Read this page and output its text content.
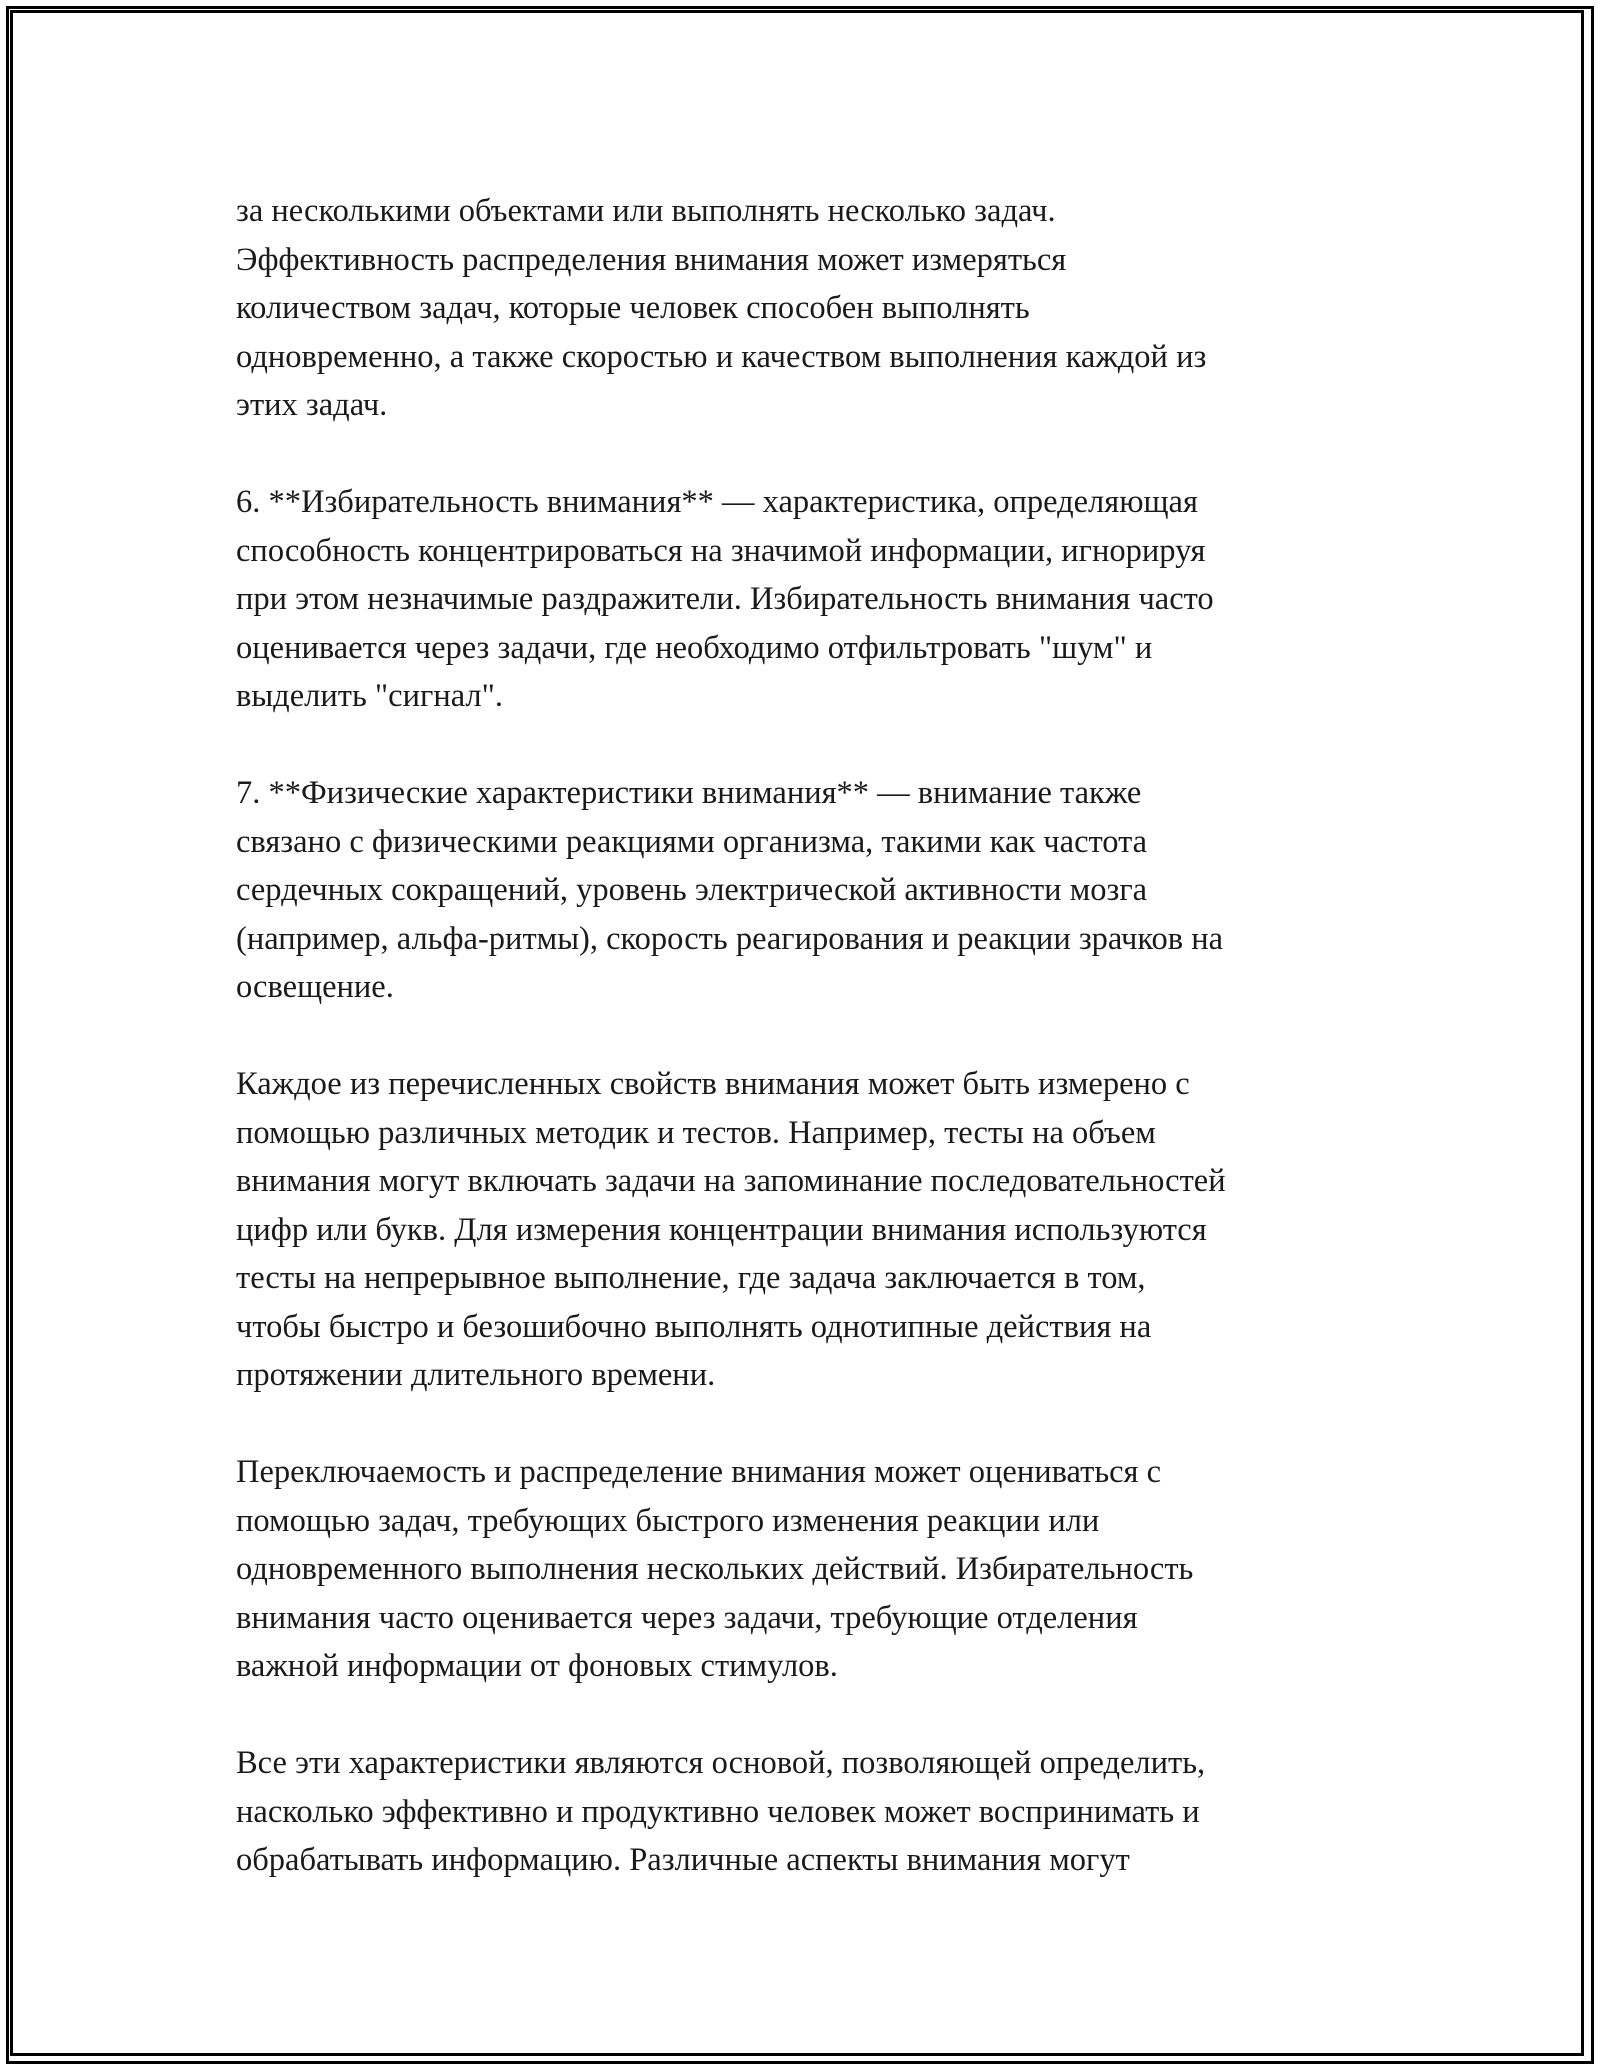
за несколькими объектами или выполнять несколько задач.
Эффективность распределения внимания может измеряться
количеством задач, которые человек способен выполнять
одновременно, а также скоростью и качеством выполнения каждой из
этих задач.

6. **Избирательность внимания** — характеристика, определяющая
способность концентрироваться на значимой информации, игнорируя
при этом незначимые раздражители. Избирательность внимания часто
оценивается через задачи, где необходимо отфильтровать "шум" и
выделить "сигнал".

7. **Физические характеристики внимания** — внимание также
связано с физическими реакциями организма, такими как частота
сердечных сокращений, уровень электрической активности мозга
(например, альфа-ритмы), скорость реагирования и реакции зрачков на
освещение.

Каждое из перечисленных свойств внимания может быть измерено с
помощью различных методик и тестов. Например, тесты на объем
внимания могут включать задачи на запоминание последовательностей
цифр или букв. Для измерения концентрации внимания используются
тесты на непрерывное выполнение, где задача заключается в том,
чтобы быстро и безошибочно выполнять однотипные действия на
протяжении длительного времени.

Переключаемость и распределение внимания может оцениваться с
помощью задач, требующих быстрого изменения реакции или
одновременного выполнения нескольких действий. Избирательность
внимания часто оценивается через задачи, требующие отделения
важной информации от фоновых стимулов.

Все эти характеристики являются основой, позволяющей определить,
насколько эффективно и продуктивно человек может воспринимать и
обрабатывать информацию. Различные аспекты внимания могут
